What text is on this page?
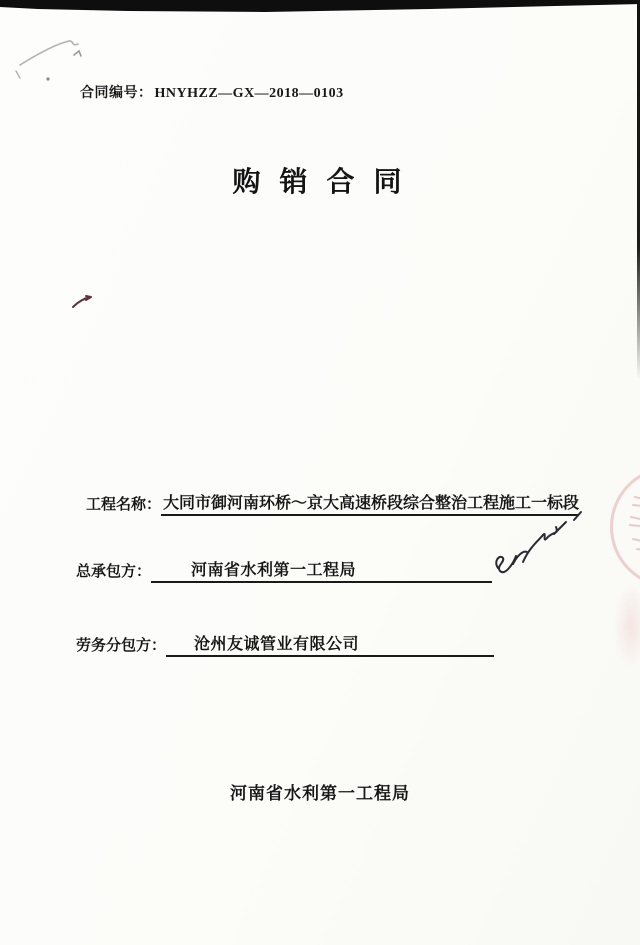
合同编号： HNYHZZ—GX—2018—0103
购 销 合 同
工程名称： 大同市御河南环桥～京大高速桥段综合整治工程施工一标段
总承包方：	河南省水利第一工程局
劳务分包方：	沧州友诚管业有限公司
河南省水利第一工程局
